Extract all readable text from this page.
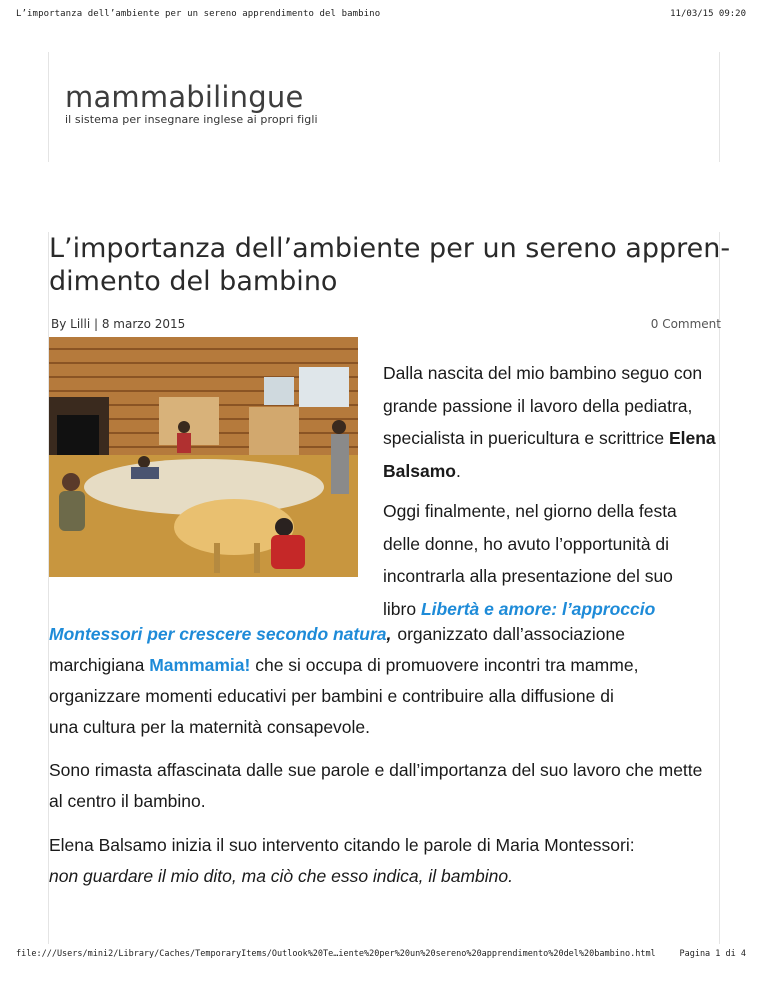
L’importanza dell’ambiente per un sereno apprendimento del bambino	11/03/15 09:20
mammabilingue
il sistema per insegnare inglese ai propri figli
L’importanza dell’ambiente per un sereno appren-
dimento del bambino
By Lilli | 8 marzo 2015	0 Comment

Dalla nascita del mio bambino seguo con grande passione il lavoro della pediatra, specialista in puericultura e scrittrice Elena Balsamo.

Oggi finalmente, nel giorno della festa
delle donne, ho avuto l’opportunità di
incontrarla alla presentazione del suo
libro Libertà e amore: l’approccio

Montessori per crescere secondo natura, organizzato dall’associazione
marchigiana Mammamia! che si occupa di promuovere incontri tra mamme,
organizzare momenti educativi per bambini e contribuire alla diffusione di
una cultura per la maternità consapevole.

Sono rimasta affascinata dalle sue parole e dall’importanza del suo lavoro che mette al centro il bambino.

Elena Balsamo inizia il suo intervento citando le parole di Maria Montessori:
non guardare il mio dito, ma ciò che esso indica, il bambino.

file:///Users/mini2/Library/Caches/TemporaryItems/Outlook%20Te…iente%20per%20un%20sereno%20apprendimento%20del%20bambino.html	Pagina 1 di 4
